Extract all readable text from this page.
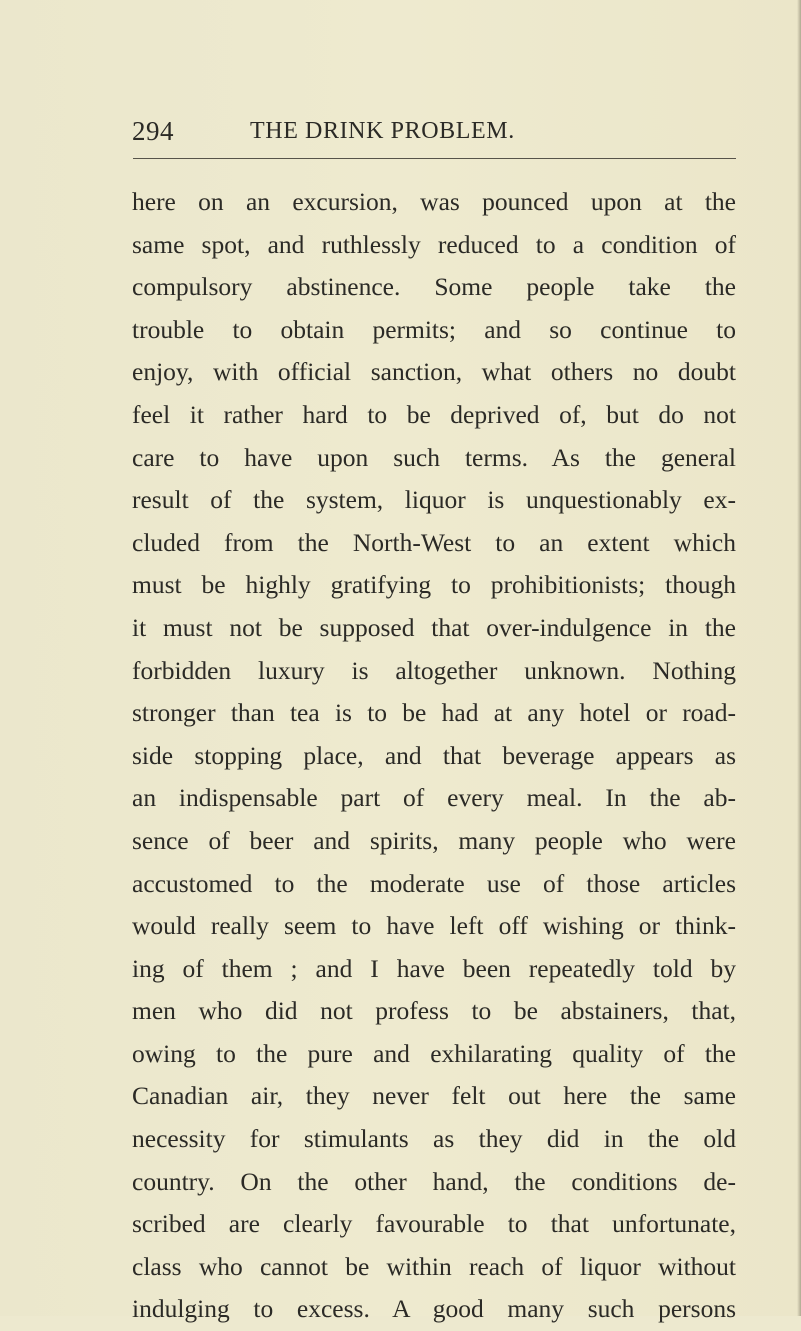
294	THE DRINK PROBLEM.
here on an excursion, was pounced upon at the
same spot, and ruthlessly reduced to a condition of
compulsory abstinence. Some people take the
trouble to obtain permits; and so continue to
enjoy, with official sanction, what others no doubt
feel it rather hard to be deprived of, but do not
care to have upon such terms. As the general
result of the system, liquor is unquestionably ex-
cluded from the North-West to an extent which
must be highly gratifying to prohibitionists; though
it must not be supposed that over-indulgence in the
forbidden luxury is altogether unknown. Nothing
stronger than tea is to be had at any hotel or road-
side stopping place, and that beverage appears as
an indispensable part of every meal. In the ab-
sence of beer and spirits, many people who were
accustomed to the moderate use of those articles
would really seem to have left off wishing or think-
ing of them ; and I have been repeatedly told by
men who did not profess to be abstainers, that,
owing to the pure and exhilarating quality of the
Canadian air, they never felt out here the same
necessity for stimulants as they did in the old
country. On the other hand, the conditions de-
scribed are clearly favourable to that unfortunate,
class who cannot be within reach of liquor without
indulging to excess. A good many such persons
